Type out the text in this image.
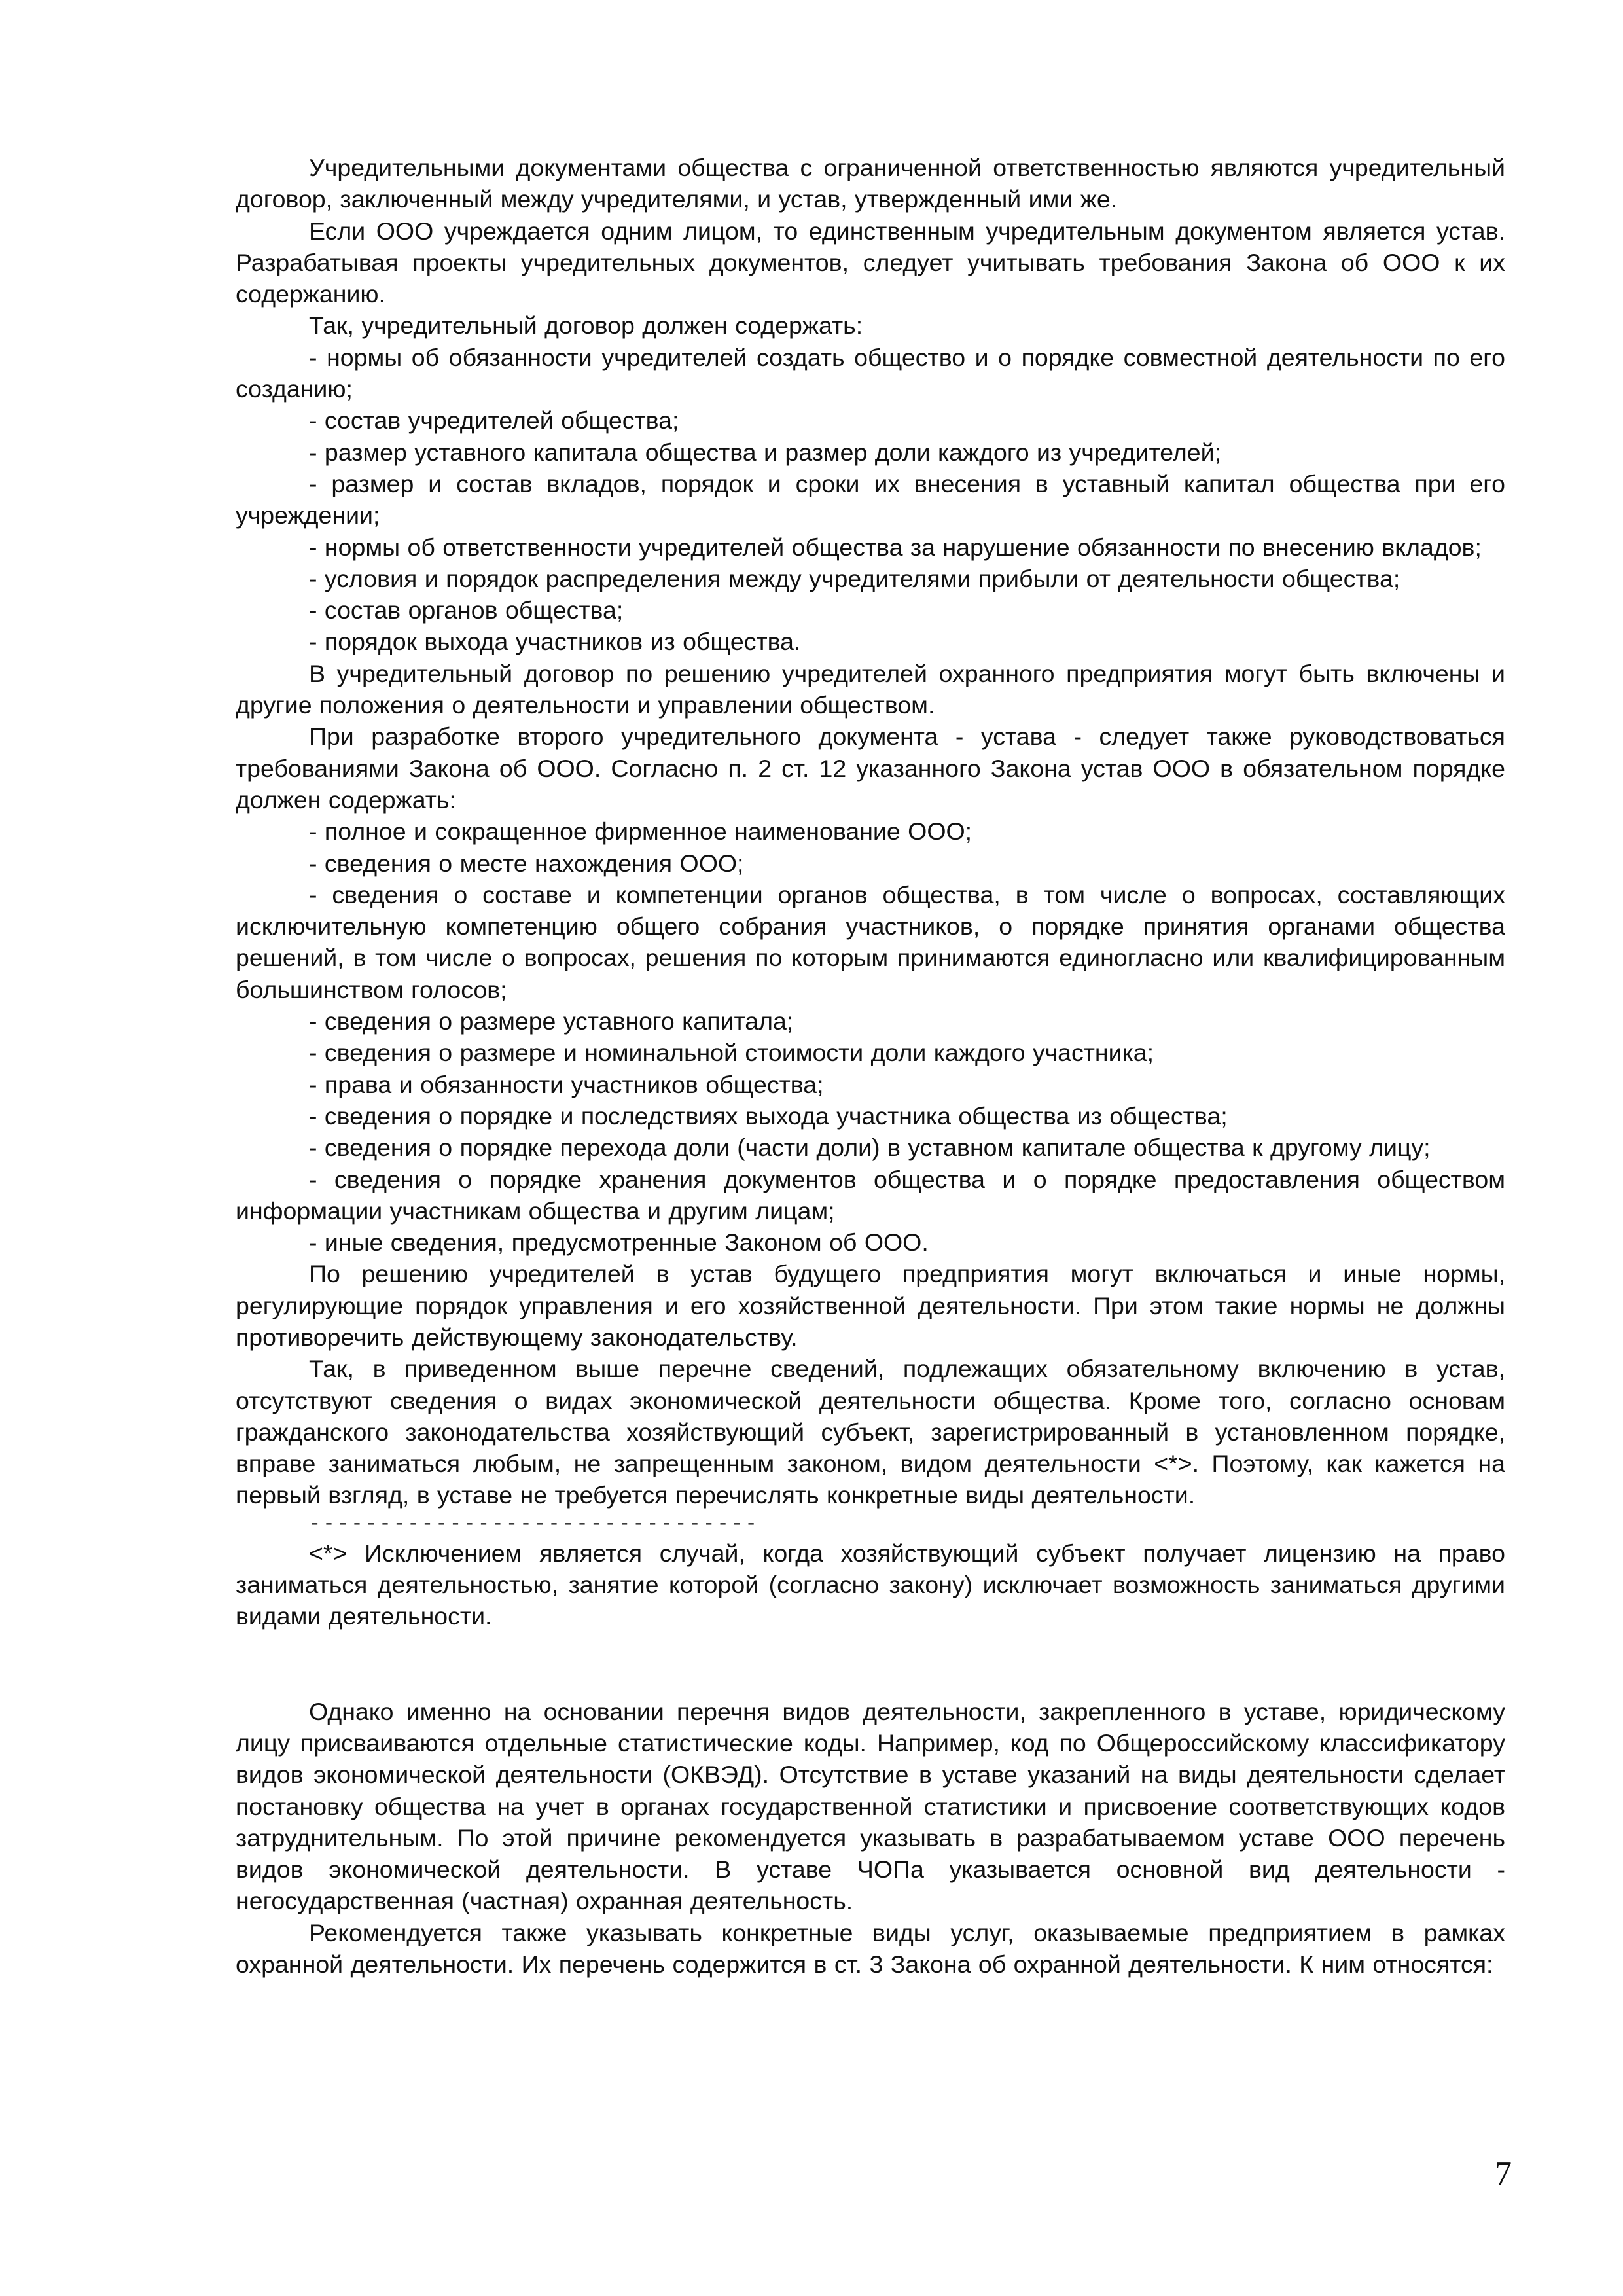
Учредительными документами общества с ограниченной ответственностью являются учредительный договор, заключенный между учредителями, и устав, утвержденный ими же.

Если ООО учреждается одним лицом, то единственным учредительным документом является устав. Разрабатывая проекты учредительных документов, следует учитывать требования Закона об ООО к их содержанию.

Так, учредительный договор должен содержать:

- нормы об обязанности учредителей создать общество и о порядке совместной деятельности по его созданию;

- состав учредителей общества;

- размер уставного капитала общества и размер доли каждого из учредителей;

- размер и состав вкладов, порядок и сроки их внесения в уставный капитал общества при его учреждении;

- нормы об ответственности учредителей общества за нарушение обязанности по внесению вкладов;

- условия и порядок распределения между учредителями прибыли от деятельности общества;

- состав органов общества;

- порядок выхода участников из общества.

В учредительный договор по решению учредителей охранного предприятия могут быть включены и другие положения о деятельности и управлении обществом.

При разработке второго учредительного документа - устава - следует также руководствоваться требованиями Закона об ООО. Согласно п. 2 ст. 12 указанного Закона устав ООО в обязательном порядке должен содержать:

- полное и сокращенное фирменное наименование ООО;

- сведения о месте нахождения ООО;

- сведения о составе и компетенции органов общества, в том числе о вопросах, составляющих исключительную компетенцию общего собрания участников, о порядке принятия органами общества решений, в том числе о вопросах, решения по которым принимаются единогласно или квалифицированным большинством голосов;

- сведения о размере уставного капитала;

- сведения о размере и номинальной стоимости доли каждого участника;

- права и обязанности участников общества;

- сведения о порядке и последствиях выхода участника общества из общества;

- сведения о порядке перехода доли (части доли) в уставном капитале общества к другому лицу;

- сведения о порядке хранения документов общества и о порядке предоставления обществом информации участникам общества и другим лицам;

- иные сведения, предусмотренные Законом об ООО.

По решению учредителей в устав будущего предприятия могут включаться и иные нормы, регулирующие порядок управления и его хозяйственной деятельности. При этом такие нормы не должны противоречить действующему законодательству.

Так, в приведенном выше перечне сведений, подлежащих обязательному включению в устав, отсутствуют сведения о видах экономической деятельности общества. Кроме того, согласно основам гражданского законодательства хозяйствующий субъект, зарегистрированный в установленном порядке, вправе заниматься любым, не запрещенным законом, видом деятельности <*>. Поэтому, как кажется на первый взгляд, в уставе не требуется перечислять конкретные виды деятельности.

--------------------------------

<*> Исключением является случай, когда хозяйствующий субъект получает лицензию на право заниматься деятельностью, занятие которой (согласно закону) исключает возможность заниматься другими видами деятельности.

Однако именно на основании перечня видов деятельности, закрепленного в уставе, юридическому лицу присваиваются отдельные статистические коды. Например, код по Общероссийскому классификатору видов экономической деятельности (ОКВЭД). Отсутствие в уставе указаний на виды деятельности сделает постановку общества на учет в органах государственной статистики и присвоение соответствующих кодов затруднительным. По этой причине рекомендуется указывать в разрабатываемом уставе ООО перечень видов экономической деятельности. В уставе ЧОПа указывается основной вид деятельности - негосударственная (частная) охранная деятельность.

Рекомендуется также указывать конкретные виды услуг, оказываемые предприятием в рамках охранной деятельности. Их перечень содержится в ст. 3 Закона об охранной деятельности. К ним относятся:

7
